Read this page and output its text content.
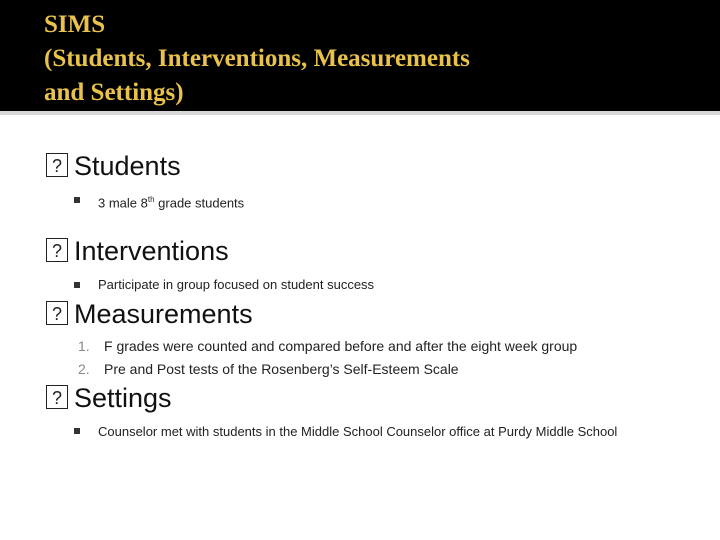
SIMS
(Students, Interventions, Measurements
and Settings)
?Students
3 male 8th grade students
?Interventions
Participate in group focused on student success
?Measurements
1. F grades were counted and compared before and after the eight week group
2. Pre and Post tests of the Rosenberg’s Self-Esteem Scale
?Settings
Counselor met with students in the Middle School Counselor office at Purdy Middle School
